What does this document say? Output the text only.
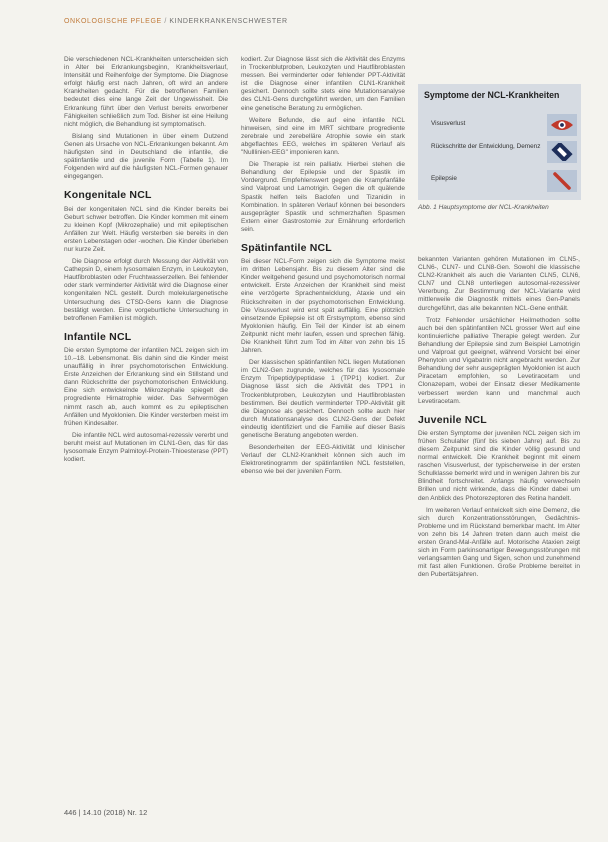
ONKOLOGISCHE PFLEGE / KINDERKRANKENSCHWESTER

Die verschiedenen NCL-Krankheiten unterscheiden sich in Alter bei Erkrankungsbeginn, Krankheitsverlauf, Intensität und Reihenfolge der Symptome. Die Diagnose erfolgt häufig erst nach Jahren, oft wird an andere Krankheiten gedacht. Für die betroffenen Familien bedeutet dies eine lange Zeit der Ungewissheit. Die Erkrankung führt über den Verlust bereits erworbener Fähigkeiten schließlich zum Tod. Bisher ist eine Heilung nicht möglich, die Behandlung ist symptomatisch.

Bislang sind Mutationen in über einem Dutzend Genen als Ursache von NCL-Erkrankungen bekannt. Am häufigsten sind in Deutschland die infantile, die spätinfantile und die juvenile Form (Tabelle 1). Im Folgenden wird auf die häufigsten NCL-Formen genauer eingegangen.

Kongenitale NCL

Bei der kongenitalen NCL sind die Kinder bereits bei Geburt schwer betroffen. Die Kinder kommen mit einem zu kleinen Kopf (Mikrozephalie) und mit epileptischen Anfällen zur Welt. Häufig versterben sie bereits in den ersten Lebenstagen oder -wochen. Die Kinder überleben nur kurze Zeit.

Die Diagnose erfolgt durch Messung der Aktivität von Cathepsin D, einem lysosomalen Enzym, in Leukozyten, Hautfibroblasten oder Fruchtwasserzellen. Bei fehlender oder stark verminderter Aktivität wird die Diagnose einer kongenitalen NCL gestellt. Durch molekulargenetische Untersuchung des CTSD-Gens kann die Diagnose bestätigt werden. Eine vorgeburtliche Untersuchung in betroffenen Familien ist möglich.

Infantile NCL

Die ersten Symptome der infantilen NCL zeigen sich im 10.–18. Lebensmonat. Bis dahin sind die Kinder meist unauffällig in ihrer psychomotorischen Entwicklung. Erste Anzeichen der Erkrankung sind ein Stillstand und dann Rückschritte der psychomotorischen Entwicklung. Eine sich entwickelnde Mikrozephalie spiegelt die progrediente Hirnatrophie wider. Das Sehvermögen nimmt rasch ab, auch kommt es zu epileptischen Anfällen und Myoklonien. Die Kinder versterben meist im frühen Kindesalter.

Die infantile NCL wird autosomal-rezessiv vererbt und beruht meist auf Mutationen im CLN1-Gen, das für das lysosomale Enzym Palmitoyl-Protein-Thioesterase (PPT) kodiert.

kodiert. Zur Diagnose lässt sich die Aktivität des Enzyms in Trockenblutproben, Leukozyten und Hautfibroblasten messen. Bei verminderter oder fehlender PPT-Aktivität ist die Diagnose einer infantilen CLN1-Krankheit gesichert. Dennoch sollte stets eine Mutationsanalyse des CLN1-Gens durchgeführt werden, um den Familien eine genetische Beratung zu ermöglichen.

Weitere Befunde, die auf eine infantile NCL hinweisen, sind eine im MRT sichtbare progrediente zerebrale und zerebelläre Atrophie sowie ein stark abgeflachtes EEG, welches im späteren Verlauf als "Nulllinien-EEG" imponieren kann.

Die Therapie ist rein palliativ. Hierbei stehen die Behandlung der Epilepsie und der Spastik im Vordergrund. Empfehlenswert gegen die Krampfanfälle sind Valproat und Lamotrigin. Gegen die oft quälende Spastik helfen teils Baclofen und Tizanidin in Kombination. In späteren Verlauf können bei besonders ausgeprägter Spastik und schmerzhaften Spasmen Extern einer Gastrostomie zur Ernährung erforderlich sein.

Spätinfantile NCL

Bei dieser NCL-Form zeigen sich die Symptome meist im dritten Lebensjahr. Bis zu diesem Alter sind die Kinder weitgehend gesund und psychomotorisch normal entwickelt. Erste Anzeichen der Krankheit sind meist eine verzögerte Sprachentwicklung, Ataxie und ein Rückschreiten in der psychomotorischen Entwicklung. Die Visusverlust wird erst spät auffällig. Eine plötzlich einsetzende Epilepsie ist oft Erstsymptom, ebenso sind Myoklonien häufig. Ein Teil der Kinder ist ab einem Zeitpunkt nicht mehr laufen, essen und sprechen fähig. Die Krankheit führt zum Tod im Alter von zehn bis 15 Jahren.

Der klassischen spätinfantilen NCL liegen Mutationen im CLN2-Gen zugrunde, welches für das lysosomale Enzym Tripeptidylpeptidase 1 (TPP1) kodiert. Zur Diagnose lässt sich die Aktivität des TPP1 in Trockenblutproben, Leukozyten und Hautfibroblasten bestimmen. Bei deutlich verminderter TPP-Aktivität gilt die Diagnose als gesichert. Dennoch sollte auch hier durch Mutationsanalyse des CLN2-Gens der Defekt eindeutig identifiziert und die Familie auf dieser Basis genetische Beratung angeboten werden.

Besonderheiten der EEG-Aktivität und klinischer Verlauf der CLN2-Krankheit können sich auch im Elektroretinogramm der spätinfantilen NCL feststellen, ebenso wie bei der juvenilen Form.

Symptome der NCL-Krankheiten
Visusverlust
Rückschritte der Entwicklung, Demenz
Epilepsie
Abb. 1 Hauptsymptome der NCL-Krankheiten

bekannten Varianten gehören Mutationen im CLN5-, CLN6-, CLN7- und CLN8-Gen. Sowohl die klassische CLN2-Krankheit als auch die Varianten CLN5, CLN6, CLN7 und CLN8 unterliegen autosomal-rezessiver Vererbung. Zur Bestimmung der NCL-Variante wird mittlerweile die Diagnostik mittels eines Gen-Panels durchgeführt, das alle bekannten NCL-Gene enthält.

Trotz Fehlender ursächlicher Heilmethoden sollte auch bei den spätinfantilen NCL grosser Wert auf eine kontinuierliche palliative Therapie gelegt werden. Zur Behandlung der Epilepsie sind zum Beispiel Lamotrigin und Valproat gut geeignet, während Vorsicht bei einer Phenytoin und Vigabatrin nicht angebracht werden. Zur Behandlung der sehr ausgeprägten Myoklonien ist auch Piracetam empfohlen, so Levetiracetam und Clonazepam, wobei der Einsatz dieser Medikamente verbessert werden kann und manchmal auch Levetiracetam.

Juvenile NCL

Die ersten Symptome der juvenilen NCL zeigen sich im frühen Schulalter (fünf bis sieben Jahre) auf. Bis zu diesem Zeitpunkt sind die Kinder völlig gesund und normal entwickelt. Die Krankheit beginnt mit einem raschen Visusverlust, der typischerweise in der ersten Schulklasse bemerkt wird und in wenigen Jahren bis zur Blindheit fortschreitet. Anfangs häufig verwechseln Brillen und nicht wirkende, dass die Kinder dabei um den Anblick des Photorezeptoren des Retina handelt.

Im weiteren Verlauf entwickelt sich eine Demenz, die sich durch Konzentrationsstörungen, Gedächtnis-Probleme und im Rückstand bemerkbar macht. Im Alter von zehn bis 14 Jahren treten dann auch meist die ersten Grand-Mal-Anfälle auf. Motorische Ataxien zeigt sich im Form parkinsonartiger Bewegungsstörungen mit verlangsamten Gang und Sigen, schon und zunehmend mit fast allen Funktionen. Große Probleme bereitet in den Pubertätsjahren.

446 | 14.10 (2018) Nr. 12
